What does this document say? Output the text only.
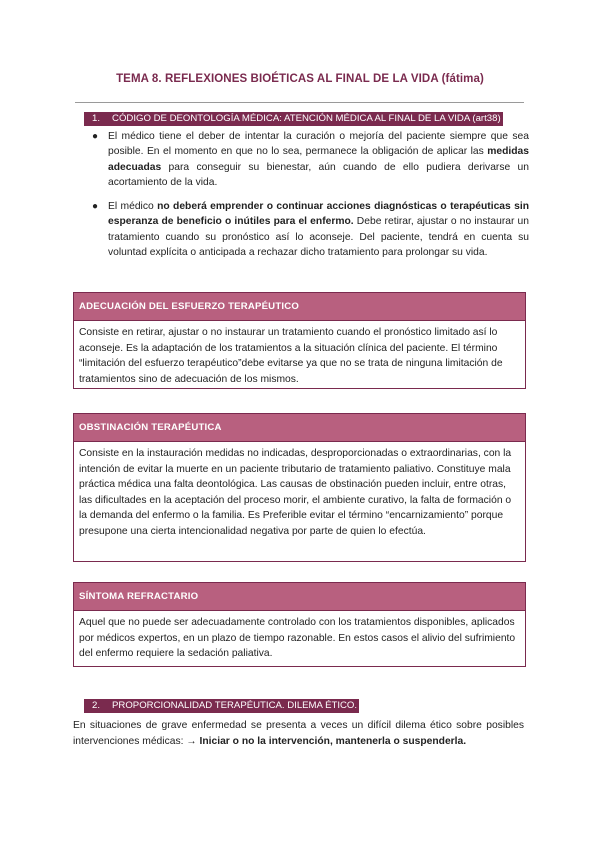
TEMA 8. REFLEXIONES BIOÉTICAS AL FINAL DE LA VIDA (fátima)
1. CÓDIGO DE DEONTOLOGÍA MÉDICA: ATENCIÓN MÉDICA AL FINAL DE LA VIDA (art38)
● El médico tiene el deber de intentar la curación o mejoría del paciente siempre que sea posible. En el momento en que no lo sea, permanece la obligación de aplicar las medidas adecuadas para conseguir su bienestar, aún cuando de ello pudiera derivarse un acortamiento de la vida.
● El médico no deberá emprender o continuar acciones diagnósticas o terapéuticas sin esperanza de beneficio o inútiles para el enfermo. Debe retirar, ajustar o no instaurar un tratamiento cuando su pronóstico así lo aconseje. Del paciente, tendrá en cuenta su voluntad explícita o anticipada a rechazar dicho tratamiento para prolongar su vida.
ADECUACIÓN DEL ESFUERZO TERAPÉUTICO
Consiste en retirar, ajustar o no instaurar un tratamiento cuando el pronóstico limitado así lo aconseje. Es la adaptación de los tratamientos a la situación clínica del paciente. El término “limitación del esfuerzo terapéutico”debe evitarse ya que no se trata de ninguna limitación de tratamientos sino de adecuación de los mismos.
OBSTINACIÓN TERAPÉUTICA
Consiste en la instauración medidas no indicadas, desproporcionadas o extraordinarias, con la intención de evitar la muerte en un paciente tributario de tratamiento paliativo. Constituye mala práctica médica una falta deontológica. Las causas de obstinación pueden incluir, entre otras, las dificultades en la aceptación del proceso morir, el ambiente curativo, la falta de formación o la demanda del enfermo o la familia. Es Preferible evitar el término “encarnizamiento” porque presupone una cierta intencionalidad negativa por parte de quien lo efectúa.
SÍNTOMA REFRACTARIO
Aquel que no puede ser adecuadamente controlado con los tratamientos disponibles, aplicados por médicos expertos, en un plazo de tiempo razonable. En estos casos el alivio del sufrimiento del enfermo requiere la sedación paliativa.
2. PROPORCIONALIDAD TERAPÉUTICA. DILEMA ÉTICO.
En situaciones de grave enfermedad se presenta a veces un difícil dilema ético sobre posibles intervenciones médicas: → Iniciar o no la intervención, mantenerla o suspenderla.
